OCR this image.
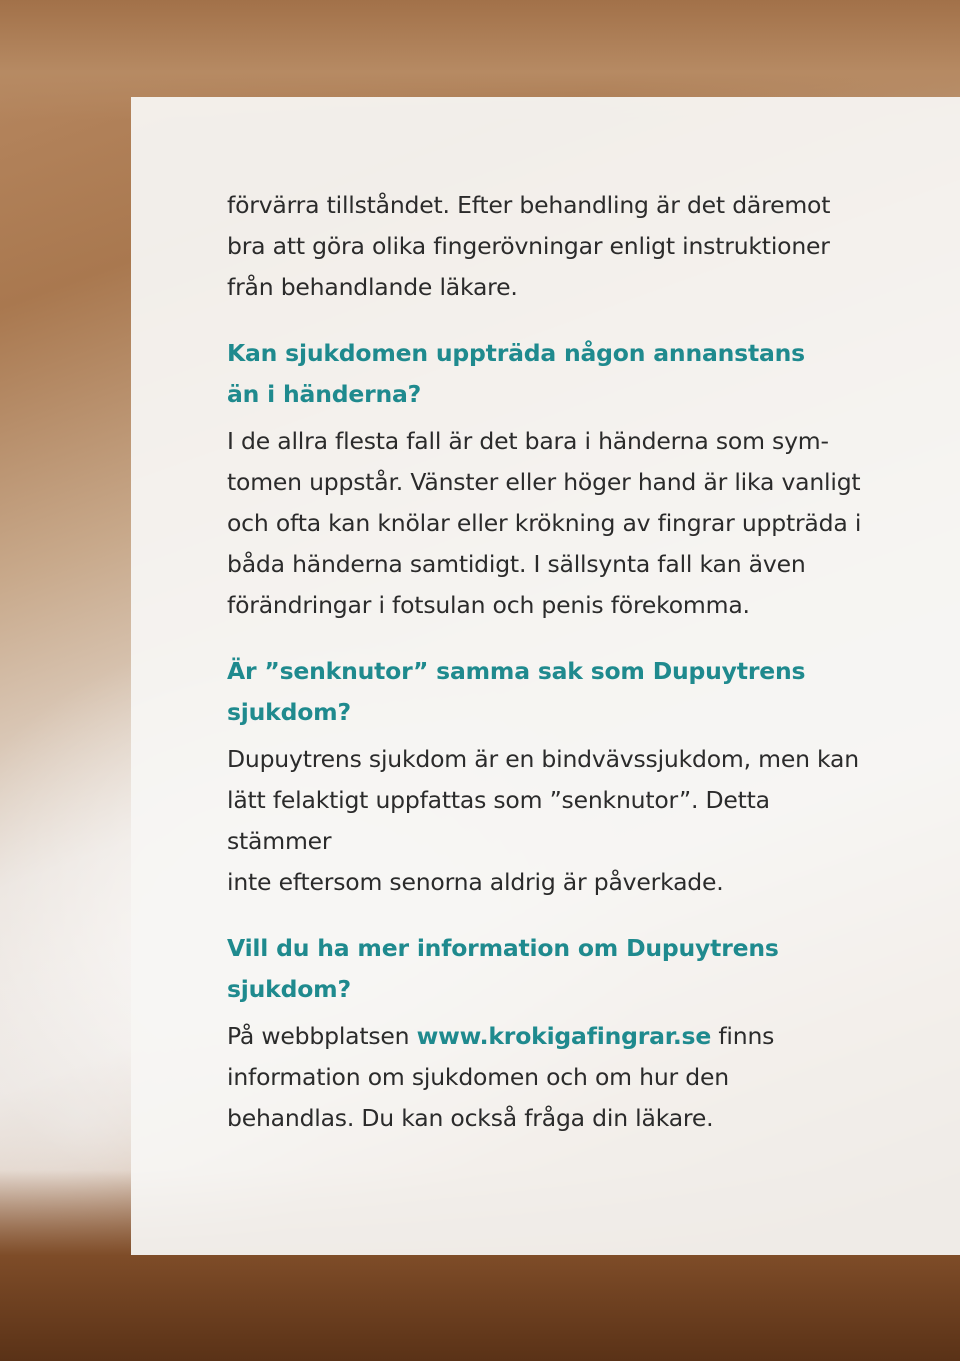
förvärra tillståndet. Efter behandling är det däremot

bra att göra olika fingerövningar enligt instruktioner

från behandlande läkare.

Kan sjukdomen uppträda någon annanstans

än i händerna?

I de allra flesta fall är det bara i händerna som sym-

tomen uppstår. Vänster eller höger hand är lika vanligt

och ofta kan knölar eller krökning av fingrar uppträda i

båda händerna samtidigt. I sällsynta fall kan även

förändringar i fotsulan och penis förekomma.

Är ”senknutor” samma sak som Dupuytrens

sjukdom?

Dupuytrens sjukdom är en bindvävssjukdom, men kan

lätt felaktigt uppfattas som ”senknutor”. Detta stämmer

inte eftersom senorna aldrig är påverkade.

Vill du ha mer information om Dupuytrens

sjukdom?

På webbplatsen www.krokigafingrar.se finns

information om sjukdomen och om hur den

behandlas. Du kan också fråga din läkare.
